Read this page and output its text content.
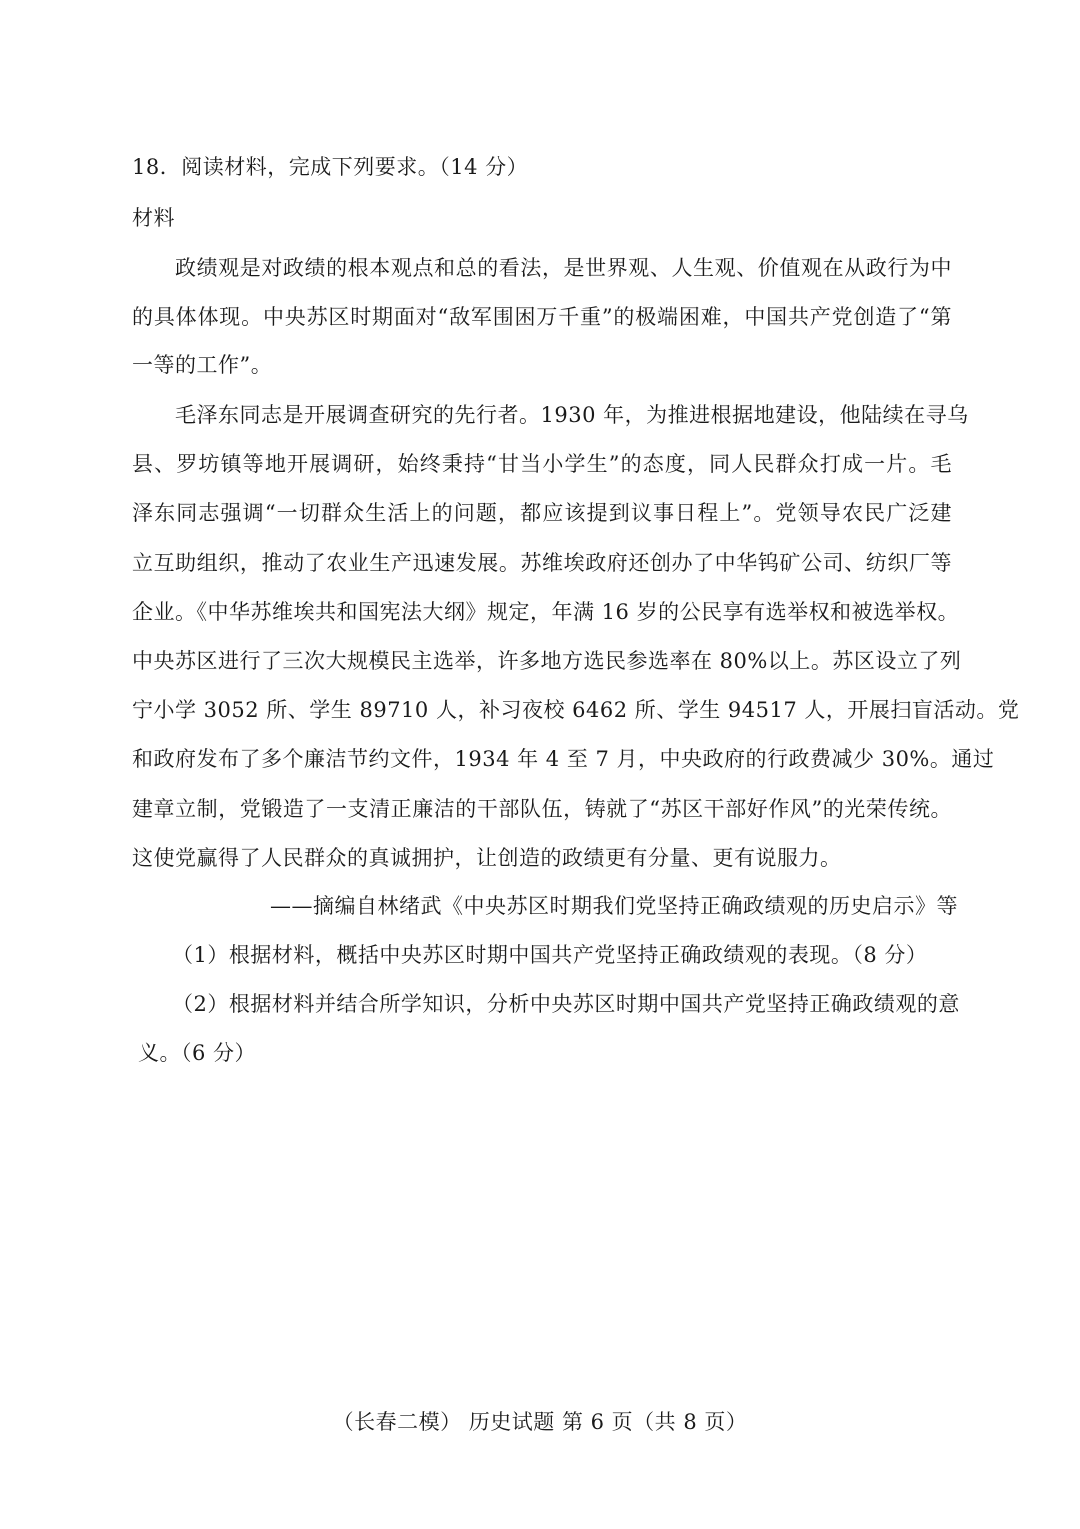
18．阅读材料，完成下列要求。（14 分）
材料
政绩观是对政绩的根本观点和总的看法，是世界观、人生观、价值观在从政行为中
的具体体现。中央苏区时期面对“敌军围困万千重”的极端困难，中国共产党创造了“第
一等的工作”。
毛泽东同志是开展调查研究的先行者。1930 年，为推进根据地建设，他陆续在寻乌
县、罗坊镇等地开展调研，始终秉持“甘当小学生”的态度，同人民群众打成一片。毛
泽东同志强调“一切群众生活上的问题，都应该提到议事日程上”。党领导农民广泛建
立互助组织，推动了农业生产迅速发展。苏维埃政府还创办了中华钨矿公司、纺织厂等
企业。《中华苏维埃共和国宪法大纲》规定，年满 16 岁的公民享有选举权和被选举权。
中央苏区进行了三次大规模民主选举，许多地方选民参选率在 80%以上。苏区设立了列
宁小学 3052 所、学生 89710 人，补习夜校 6462 所、学生 94517 人，开展扫盲活动。党
和政府发布了多个廉洁节约文件，1934 年 4 至 7 月，中央政府的行政费减少 30%。通过
建章立制，党锻造了一支清正廉洁的干部队伍，铸就了“苏区干部好作风”的光荣传统。
这使党赢得了人民群众的真诚拥护，让创造的政绩更有分量、更有说服力。
——摘编自林绪武《中央苏区时期我们党坚持正确政绩观的历史启示》等
（1）根据材料，概括中央苏区时期中国共产党坚持正确政绩观的表现。（8 分）
（2）根据材料并结合所学知识，分析中央苏区时期中国共产党坚持正确政绩观的意
义。（6 分）
（长春二模） 历史试题 第 6 页（共 8 页）
